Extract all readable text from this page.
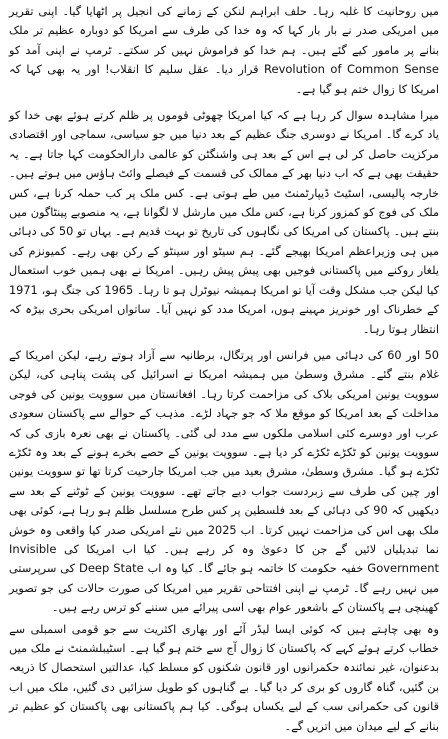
میں روحانیت کا غلبہ رہا۔ حلف ابراہم لنکن کے زمانے کی انجیل پر اٹھایا گیا۔ اپنی تقریر میں امریکی صدر نے بار بار کہا کہ وہ خدا کی طرف سے امریکا کو دوبارہ عظیم تر ملک بنانے پر مامور کیے گئے ہیں۔ ہم خدا کو فراموش نہیں کر سکتے۔ ٹرمپ نے اپنی آمد کو Revolution of Common Sense قرار دیا۔ عقل سلیم کا انقلاب! اور یہ بھی کہا کہ امریکا کا زوال ختم ہو گیا ہے۔

میرا مشاہدہ سوال کر رہا ہے کہ کیا امریکا چھوٹی قوموں پر ظلم کرتے ہوئے بھی خدا کو یاد کرے گا۔ امریکا نے دوسری جنگ عظیم کے بعد دنیا میں جو سیاسی، سماجی اور اقتصادی مرکزیت حاصل کر لی ہے اس کے بعد ہی واشنگٹن کو عالمی دارالحکومت کہا جاتا ہے۔ یہ حقیقت بھی ہے کہ اب دنیا بھر کے ممالک کی قسمت کے فیصلے وائٹ ہاؤس میں ہوتے ہیں۔ خارجہ پالیسی، اسٹیٹ ڈیپارٹمنٹ میں طے ہوتی ہے۔ کس ملک پر کب حملہ کرنا ہے، کس ملک کی فوج کو کمزور کرنا ہے، کس ملک میں مارشل لا لگوانا ہے، یہ منصوبے پینٹاگون میں بنتے ہیں۔ پاکستان کی امریکا کی نگاہوں کی تاریخ تو بہت قدیم ہے۔ یہاں تو 50 کی دہائی میں ہی وزیراعظم امریکا بھیجے گئے۔ ہم سیٹو اور سینٹو کے رکن بھی رہے۔ کمیونزم کی یلغار روکنے میں پاکستانی فوجیں بھی پیش پیش رہیں۔ امریکا نے بھی ہمیں خوب استعمال کیا لیکن جب مشکل وقت آیا تو امریکا ہمیشہ نیوٹرل ہو تا رہا۔ 1965 کی جنگ ہو، 1971 کے خطرناک اور خونریز مہینے ہوں، امریکا مدد کو نہیں آیا۔ ساتواں امریکی بحری بیڑہ کہ انتظار ہوتا رہا۔

50 اور 60 کی دہائی میں فرانس اور پرتگال، برطانیہ سے آزاد ہوتے رہے، لیکن امریکا کے غلام بنتے گئے۔ مشرق وسطیٰ میں ہمیشہ امریکا نے اسرائیل کی پشت پناہی کی، لیکن سوویت یونین امریکی بلاک کی مزاحمت کرتا رہا۔ افغانستان میں سوویت یونین کی فوجی مداخلت کے بعد امریکا کو موقع ملا کہ جو جہاد لڑے۔ مذہب کے حوالے سے پاکستان سعودی عرب اور دوسرے کئی اسلامی ملکوں سے مدد لی گئی۔ پاکستان نے بھی نعرہ بازی کی کہ سوویت یونین کو ٹکڑے ٹکڑے کر دیا ہے۔ سوویت یونین کے حصے بخرے ہونے کے بعد وہ ٹکڑے ٹکڑے ہو گیا۔ مشرق وسطیٰ، مشرق بعید میں جب امریکا جارحیت کرتا تھا تو سوویت یونین اور چین کی طرف سے زبردست جواب دیے جاتے تھے۔ سوویت یونین کے ٹوٹنے کے بعد سے دیکھیں کہ 90 کی دہائی کے بعد فلسطین پر کس طرح مسلسل ظلم ہو رہا ہے، کوئی بھی ملک بھی اس کی مزاحمت نہیں کرتا۔ اب 2025 میں نئے امریکی صدر کیا واقعی وہ خوش نما تبدیلیاں لائیں گے جن کا دعویٰ وہ کر رہے ہیں۔ کیا اب امریکا کی Invisible Government خفیہ حکومت کا خاتمہ ہو جائے گا۔ کیا وہ اب Deep State کی سرپرستی میں نہیں رہے گا۔ ٹرمپ نے اپنی افتتاحی تقریر میں امریکا کی صورت حالات کی جو تصویر کھینچی ہے پاکستان کے باشعور عوام بھی اسی پیرائے میں سننے کو ترس رہے ہیں۔

وہ بھی چاہتے ہیں کہ کوئی ایسا لیڈر آئے اور بھاری اکثریت سے جو قومی اسمبلی سے خطاب کرتے ہوئے کہے کہ پاکستان کا زوال آج سے ختم ہو گیا ہے۔ اسٹیبلشمنٹ نے ملک میں بدعنوان، غیر نمائندہ حکمرانوں اور قانون شکنوں کو مسلط کیا، عدالتیں استحصال کا ذریعہ بن گئیں، گناہ گاروں کو بری کر دیا گیا۔ بے گناہوں کو طویل سزائیں دی گئیں، ملک میں اب قانون کی حکمرانی سب کے لیے یکساں ہوگی۔ کیا ہم پاکستانی بھی پاکستان کو عظیم تر بنانے کے لیے میدان میں اتریں گے۔
